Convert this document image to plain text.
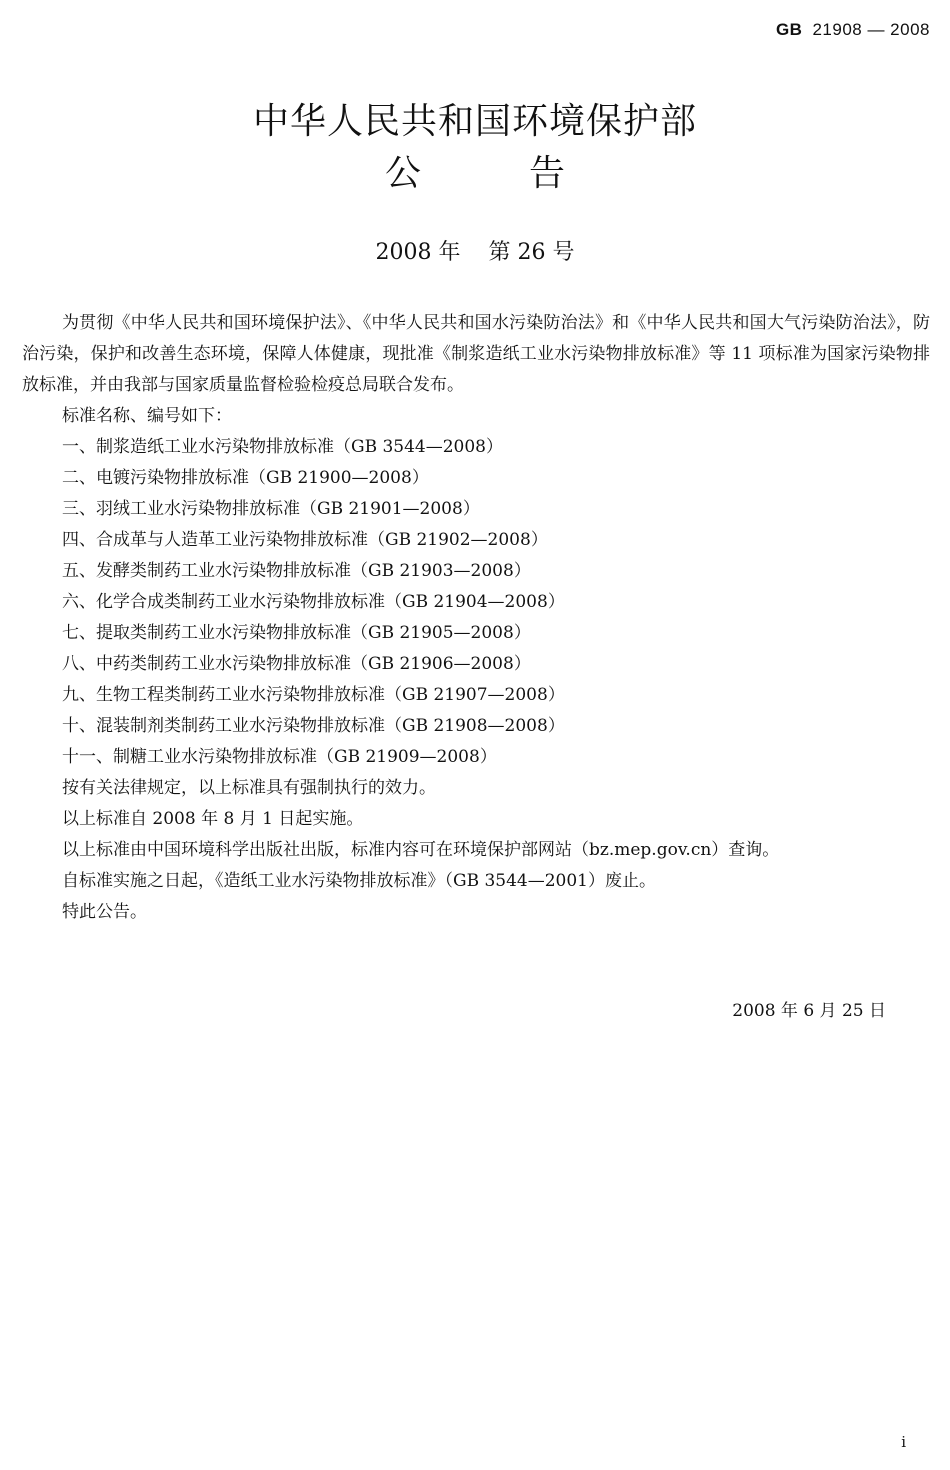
GB 21908 — 2008
中华人民共和国环境保护部
公	告
2008 年 第 26 号

为贯彻《中华人民共和国环境保护法》、《中华人民共和国水污染防治法》和《中华人民共和国大气污染防治法》，防治污染，保护和改善生态环境，保障人体健康，现批准《制浆造纸工业水污染物排放标准》等 11 项标准为国家污染物排放标准，并由我部与国家质量监督检验检疫总局联合发布。

标准名称、编号如下：

一、制浆造纸工业水污染物排放标准（GB 3544—2008）

二、电镀污染物排放标准（GB 21900—2008）

三、羽绒工业水污染物排放标准（GB 21901—2008）

四、合成革与人造革工业污染物排放标准（GB 21902—2008）

五、发酵类制药工业水污染物排放标准（GB 21903—2008）

六、化学合成类制药工业水污染物排放标准（GB 21904—2008）

七、提取类制药工业水污染物排放标准（GB 21905—2008）

八、中药类制药工业水污染物排放标准（GB 21906—2008）

九、生物工程类制药工业水污染物排放标准（GB 21907—2008）

十、混装制剂类制药工业水污染物排放标准（GB 21908—2008）

十一、制糖工业水污染物排放标准（GB 21909—2008）

按有关法律规定，以上标准具有强制执行的效力。

以上标准自 2008 年 8 月 1 日起实施。

以上标准由中国环境科学出版社出版，标准内容可在环境保护部网站（bz.mep.gov.cn）查询。

自标准实施之日起，《造纸工业水污染物排放标准》（GB 3544—2001）废止。

特此公告。

2008 年 6 月 25 日
i
